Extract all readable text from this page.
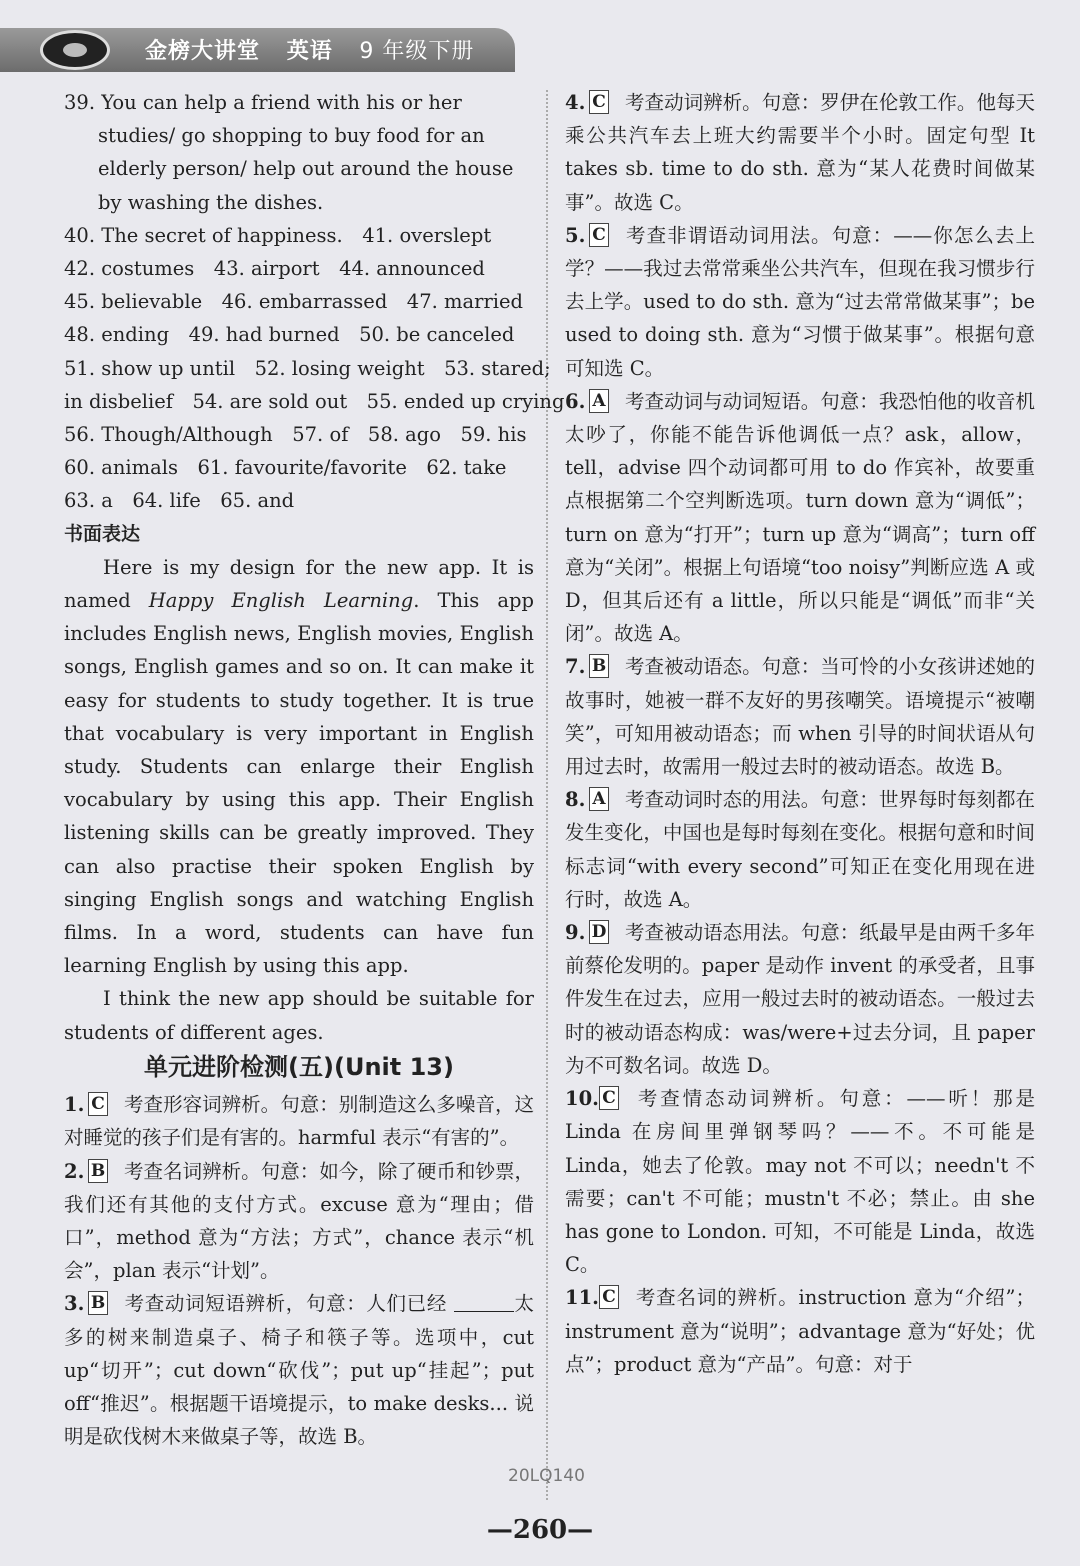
金榜大讲堂 英语 9 年级下册
39. You can help a friend with his or her studies/ go shopping to buy food for an elderly person/ help out around the house by washing the dishes.
40. The secret of happiness.　41. overslept
42. costumes　43. airport　44. announced
45. believable　46. embarrassed　47. married
48. ending　49. had burned　50. be canceled
51. show up until　52. losing weight　53. stared;
in disbelief　54. are sold out　55. ended up crying
56. Though/Although　57. of　58. ago　59. his
60. animals　61. favourite/favorite　62. take
63. a　64. life　65. and
书面表达

Here is my design for the new app. It is named Happy English Learning. This app includes English news, English movies, English songs, English games and so on. It can make it easy for students to study together. It is true that vocabulary is very important in English study. Students can enlarge their English vocabulary by using this app. Their English listening skills can be greatly improved. They can also practise their spoken English by singing English songs and watching English films. In a word, students can have fun learning English by using this app.

I think the new app should be suitable for students of different ages.

单元进阶检测(五)(Unit 13)
1. C 考查形容词辨析。句意：别制造这么多噪音，这对睡觉的孩子们是有害的。harmful 表示“有害的”。
2. B 考查名词辨析。句意：如今，除了硬币和钞票，我们还有其他的支付方式。excuse 意为“理由；借口”，method 意为“方法；方式”，chance 表示“机会”，plan 表示“计划”。
3. B 考查动词短语辨析，句意：人们已经	太多的树来制造桌子、椅子和筷子等。选项中，cut up“切开”；cut down“砍伐”；put up“挂起”；put off“推迟”。根据题干语境提示，to make desks... 说明是砍伐树木来做桌子等，故选 B。
4. C 考查动词辨析。句意：罗伊在伦敦工作。他每天乘公共汽车去上班大约需要半个小时。固定句型 It takes sb. time to do sth. 意为“某人花费时间做某事”。故选 C。
5. C 考查非谓语动词用法。句意：——你怎么去上学？——我过去常常乘坐公共汽车，但现在我习惯步行去上学。used to do sth. 意为“过去常常做某事”；be used to doing sth. 意为“习惯于做某事”。根据句意可知选 C。
6. A 考查动词与动词短语。句意：我恐怕他的收音机太吵了，你能不能告诉他调低一点？ask，allow，tell，advise 四个动词都可用 to do 作宾补，故要重点根据第二个空判断选项。turn down 意为“调低”；turn on 意为“打开”；turn up 意为“调高”；turn off 意为“关闭”。根据上句语境“too noisy”判断应选 A 或 D，但其后还有 a little，所以只能是“调低”而非“关闭”。故选 A。
7. B 考查被动语态。句意：当可怜的小女孩讲述她的故事时，她被一群不友好的男孩嘲笑。语境提示“被嘲笑”，可知用被动语态；而 when 引导的时间状语从句用过去时，故需用一般过去时的被动语态。故选 B。
8. A 考查动词时态的用法。句意：世界每时每刻都在发生变化，中国也是每时每刻在变化。根据句意和时间标志词“with every second”可知正在变化用现在进行时，故选 A。
9. D 考查被动语态用法。句意：纸最早是由两千多年前蔡伦发明的。paper 是动作 invent 的承受者，且事件发生在过去，应用一般过去时的被动语态。一般过去时的被动语态构成：was/were+过去分词，且 paper 为不可数名词。故选 D。
10. C 考查情态动词辨析。句意：——听！那是 Linda 在房间里弹钢琴吗？——不。不可能是 Linda，她去了伦敦。may not 不可以；needn't 不需要；can't 不可能；mustn't 不必；禁止。由 she has gone to London. 可知，不可能是 Linda，故选 C。
11. C 考查名词的辨析。instruction 意为“介绍”；instrument 意为“说明”；advantage 意为“好处；优点”；product 意为“产品”。句意：对于
20LQ140
—260—
